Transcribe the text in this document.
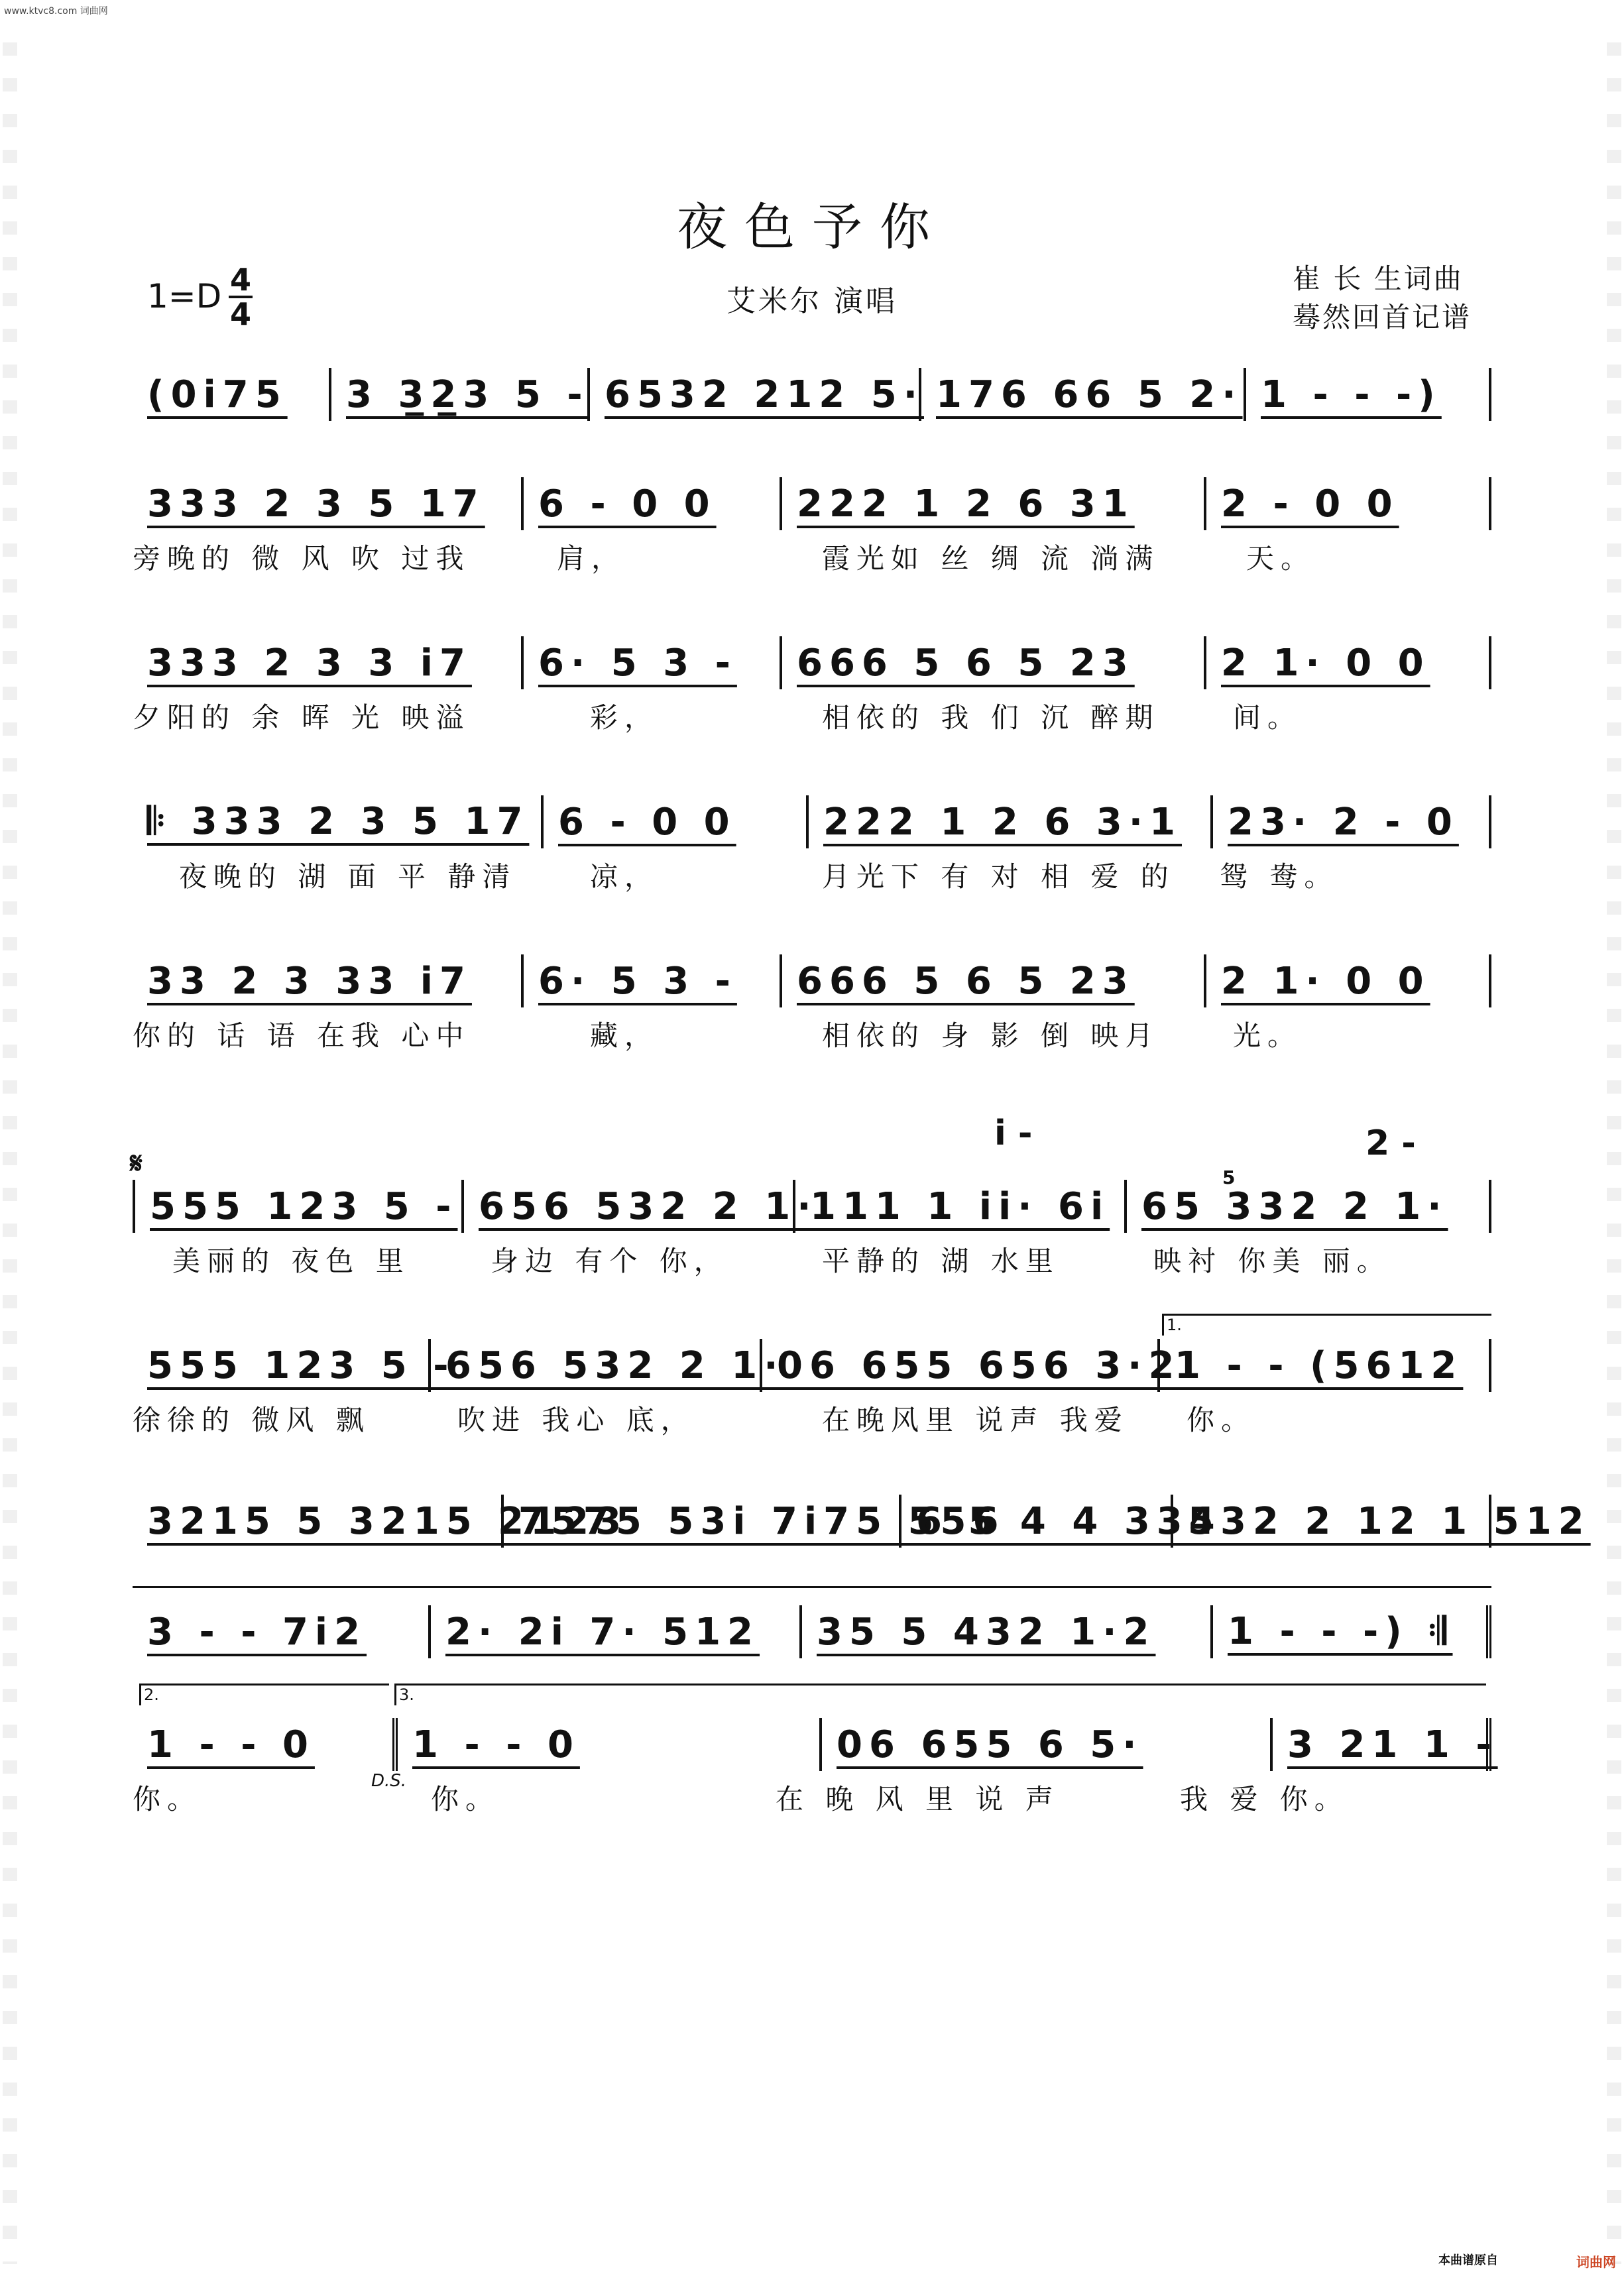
www.ktvc8.com 词曲网
夜色予你
艾米尔 演唱
崔 长 生词曲
蓦然回首记谱
$1=D \frac{4}{4}$
(0i75 3 3̲2̲3 5 - 6532 212 5· 176 66 5 2· 1 - - -)
333 2 3 5 17 6 - 0 0 222 1 2 6 31 2 - 0 0
旁晚的 微 风 吹 过我	肩，	霞光如 丝 绸 流 淌满	天。
333 2 3 3 i7 6· 5 3 - 666 5 6 5 23 2 1· 0 0
夕阳的 余 晖 光 映溢	彩，	相依的 我 们 沉 醉期	间。
𝄆 333 2 3 5 17 6 - 0 0 222 1 2 6 3·1 23· 2 - 0
夜晚的 湖 面 平 静清	凉，	月光下 有 对 相 爱 的 鸳 鸯。
33 2 3 33 i7 6· 5 3 - 666 5 6 5 23 2 1· 0 0
你的 话 语 在我 心中	藏，	相依的 身 影 倒 映月	光。
i -	2 -
𝄋	5
555 123 5 - 656 532 2 1·
111 1 ii· 6i 65 332 2 1·
美丽的 夜色 里	身边 有个 你，	平静的 湖 水里	映衬 你美 丽。
1.
555 123 5 -
656 532 2 1·
06 655 656 3·2
1 - - (5612
徐徐的 微风 飘	吹进 我心 底，	在晚风里 说声 我爱 你。
3215 5 3215 2123
7575 53i 7i75 556
6 5 4 4 334
532 2 12 1 512
3 - - 7i2 2· 2i 7· 512 35 5 432 1·2 1 - - -) 𝄇
2.	3.
1 - - 0	1 - - 0	06 655 6 5·	3 21 1 -
你。	你。	在 晚 风 里 说 声	我 爱 你。
D.S.
本曲谱原自	词曲网
